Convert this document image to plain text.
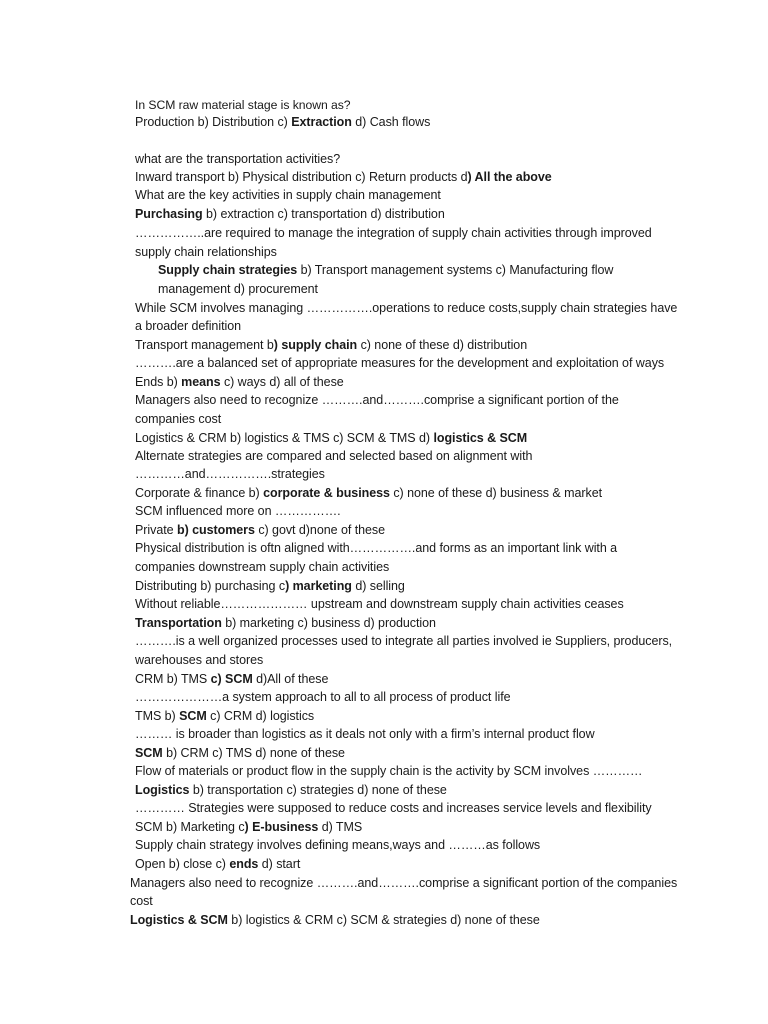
In SCM raw material stage is known as?
Production b) Distribution c) Extraction d) Cash flows
what are the transportation activities?
Inward transport b) Physical distribution c) Return products d) All the above
What are the key activities in supply chain management
Purchasing b) extraction c) transportation d) distribution
……………..are required to manage the integration of supply chain activities through improved
supply chain relationships
Supply chain strategies b) Transport management systems c) Manufacturing flow
management d) procurement
While SCM involves managing …………….operations to reduce costs,supply chain strategies have
a broader definition
Transport management b) supply chain c) none of these d) distribution
……….are a balanced set of appropriate measures for the development and exploitation of ways
Ends b) means c) ways d) all of these
Managers also need to recognize ……….and……….comprise a significant portion of the
companies cost
Logistics & CRM b) logistics & TMS c) SCM & TMS d) logistics & SCM
Alternate strategies are compared and selected based on alignment with
…………and…………….strategies
Corporate & finance b) corporate & business c) none of these d) business & market
SCM influenced more on …………….
Private b) customers c) govt d)none of these
Physical distribution is oftn aligned with…………….and forms as an important link with a
companies downstream supply chain activities
Distributing b) purchasing c) marketing d) selling
Without reliable………………… upstream and downstream supply chain activities ceases
Transportation b) marketing c) business d) production
……….is a well organized processes used to integrate all parties involved ie Suppliers, producers,
warehouses and stores
CRM b) TMS c) SCM d)All of these
…………………a system approach to all to all process of product life
TMS b) SCM c) CRM d) logistics
……… is broader than logistics as it deals not only with a firm’s internal product flow
SCM b) CRM c) TMS d) none of these
Flow of materials or product flow in the supply chain is the activity by SCM involves …………
Logistics b) transportation c) strategies d) none of these
………… Strategies were supposed to reduce costs and increases service levels and flexibility
SCM b) Marketing c) E-business d) TMS
Supply chain strategy involves defining means,ways and ………as follows
Open b) close c) ends d) start
Managers also need to recognize ……….and……….comprise a significant portion of the companies
cost
Logistics & SCM b) logistics & CRM c) SCM & strategies d) none of these
